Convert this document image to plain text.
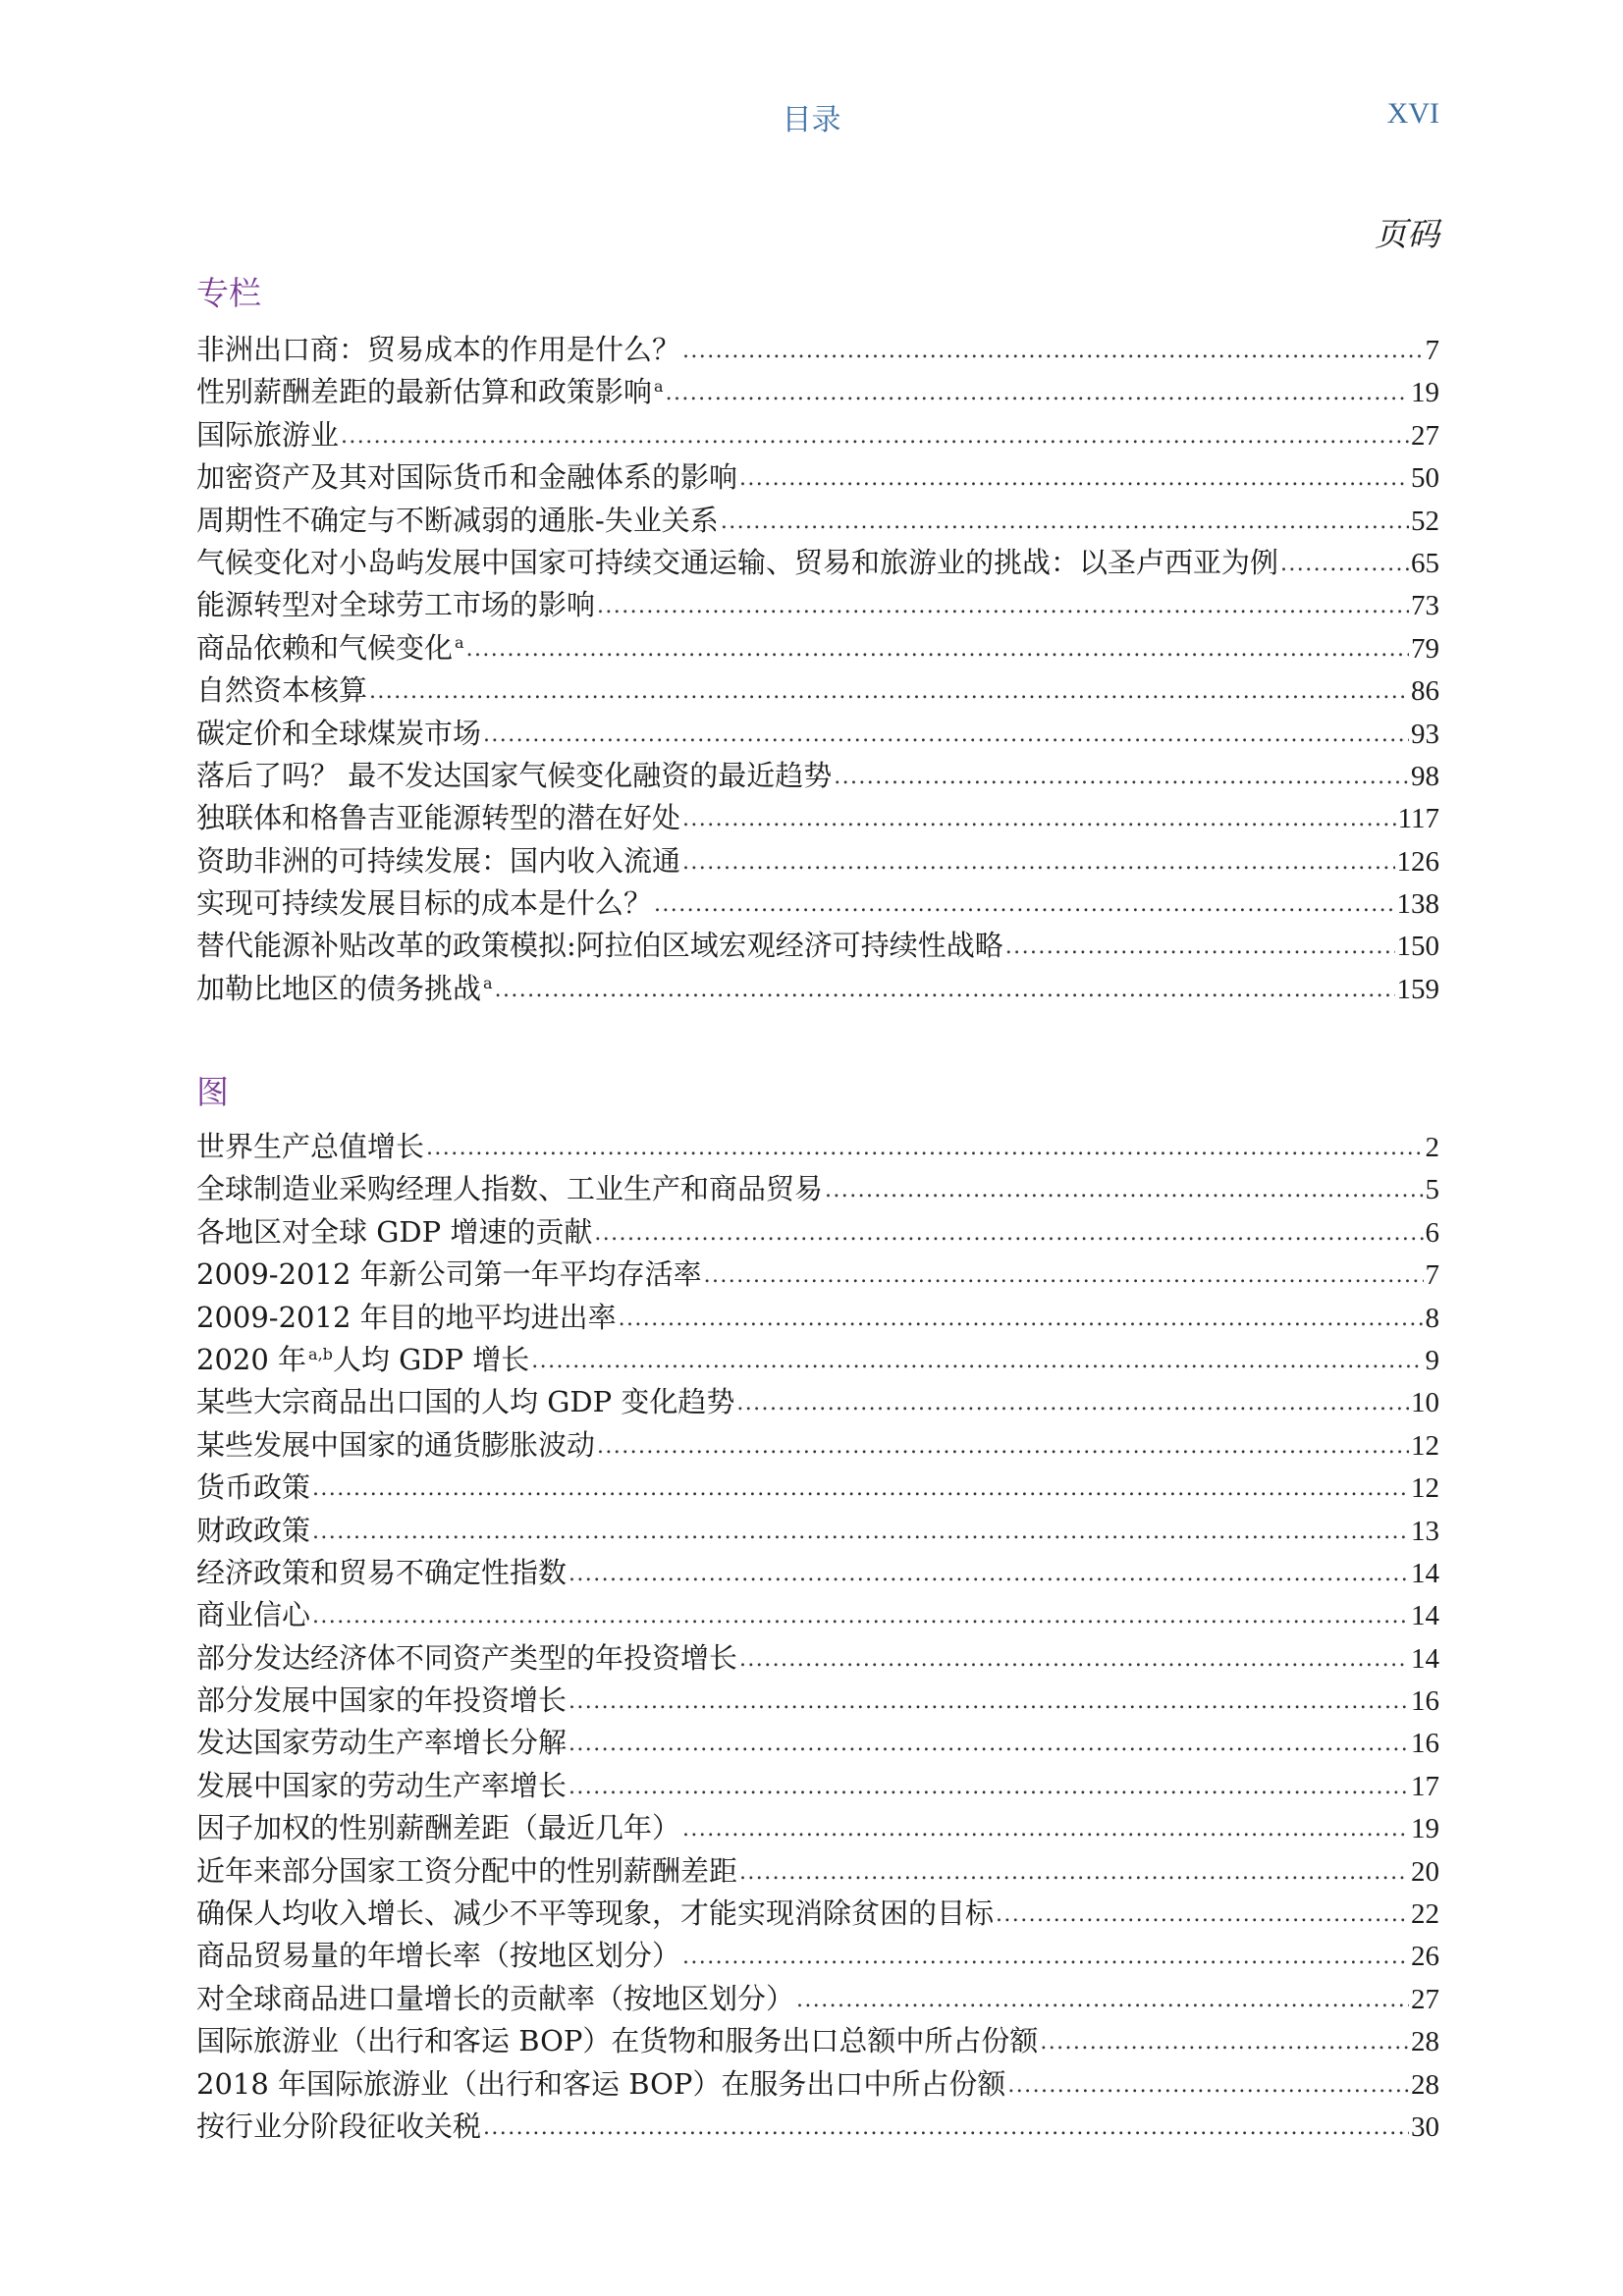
目录	XVI
页码
专栏
非洲出口商：贸易成本的作用是什么？ .....	7
性别薪酬差距的最新估算和政策影响 $^a$ .....	19
国际旅游业 .....	27
加密资产及其对国际货币和金融体系的影响 .....	50
周期性不确定与不断减弱的通胀-失业关系 .....	52
气候变化对小岛屿发展中国家可持续交通运输、贸易和旅游业的挑战：以圣卢西亚为例 .....	65
能源转型对全球劳工市场的影响 .....	73
商品依赖和气候变化 $^a$ .....	79
自然资本核算 .....	86
碳定价和全球煤炭市场 .....	93
落后了吗？ 最不发达国家气候变化融资的最近趋势 .....	98
独联体和格鲁吉亚能源转型的潜在好处 .....	117
资助非洲的可持续发展：国内收入流通 .....	126
实现可持续发展目标的成本是什么？ .....	138
替代能源补贴改革的政策模拟:阿拉伯区域宏观经济可持续性战略 .....	150
加勒比地区的债务挑战 $^a$ .....	159
图
世界生产总值增长 .....	2
全球制造业采购经理人指数、工业生产和商品贸易 .....	5
各地区对全球 GDP 增速的贡献 .....	6
2009-2012 年新公司第一年平均存活率 .....	7
2009-2012 年目的地平均进出率 .....	8
2020 年 $^{a,b}$人均 GDP 增长 .....	9
某些大宗商品出口国的人均 GDP 变化趋势 .....	10
某些发展中国家的通货膨胀波动 .....	12
货币政策 .....	12
财政政策 .....	13
经济政策和贸易不确定性指数 .....	14
商业信心 .....	14
部分发达经济体不同资产类型的年投资增长 .....	14
部分发展中国家的年投资增长 .....	16
发达国家劳动生产率增长分解 .....	16
发展中国家的劳动生产率增长 .....	17
因子加权的性别薪酬差距（最近几年） .....	19
近年来部分国家工资分配中的性别薪酬差距 .....	20
确保人均收入增长、减少不平等现象，才能实现消除贫困的目标 .....	22
商品贸易量的年增长率（按地区划分） .....	26
对全球商品进口量增长的贡献率（按地区划分） .....	27
国际旅游业（出行和客运 BOP）在货物和服务出口总额中所占份额 .....	28
2018 年国际旅游业（出行和客运 BOP）在服务出口中所占份额 .....	28
按行业分阶段征收关税 .....	30
